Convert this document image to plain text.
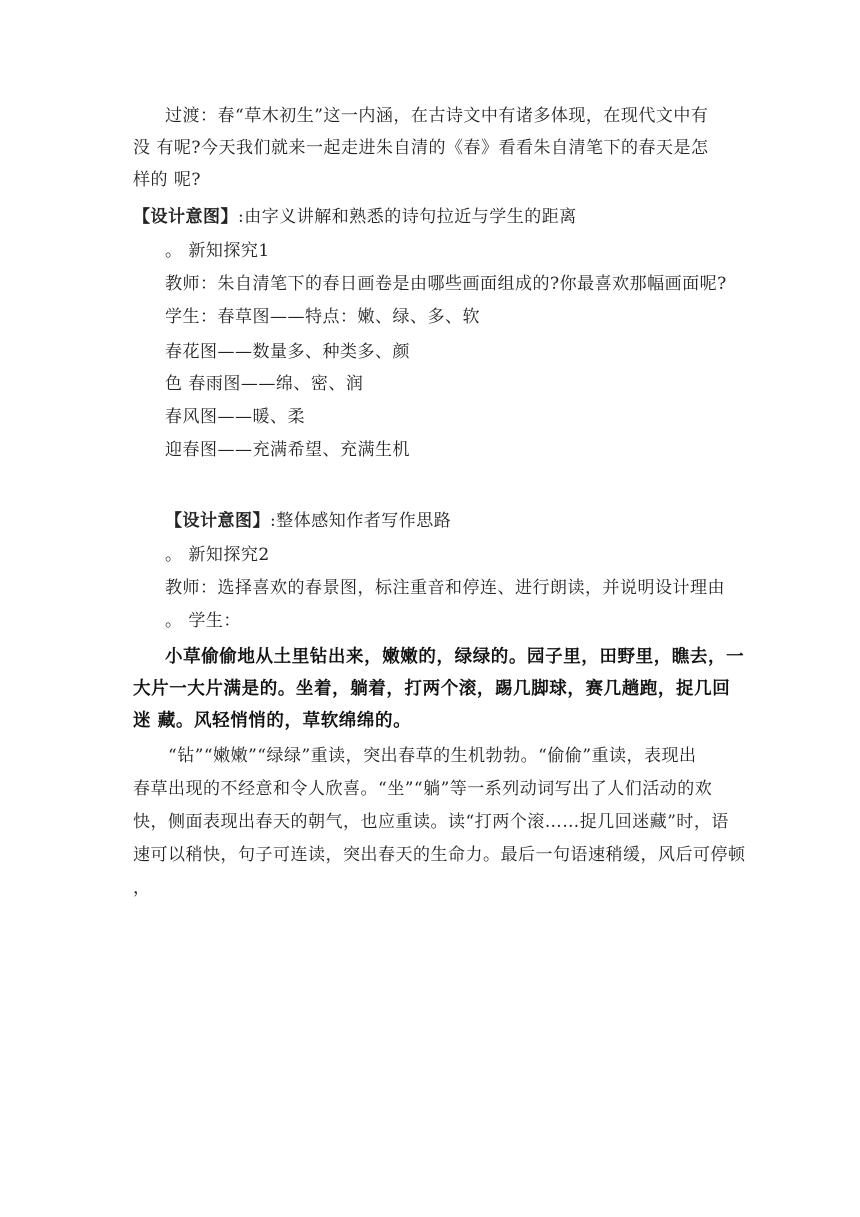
过渡：春“草木初生”这一内涵，在古诗文中有诸多体现，在现代文中有
没 有呢?今天我们就来一起走进朱自清的《春》看看朱自清笔下的春天是怎
样的 呢?
【设计意图】:由字义讲解和熟悉的诗句拉近与学生的距离
。 新知探究1
教师：朱自清笔下的春日画卷是由哪些画面组成的?你最喜欢那幅画面呢?
学生：春草图——特点：嫩、绿、多、软
春花图——数量多、种类多、颜
色 春雨图——绵、密、润
春风图——暖、柔
迎春图——充满希望、充满生机
【设计意图】:整体感知作者写作思路
。 新知探究2
教师：选择喜欢的春景图，标注重音和停连、进行朗读，并说明设计理由
。 学生：
小草偷偷地从土里钻出来，嫩嫩的，绿绿的。园子里，田野里，瞧去，一
大片一大片满是的。坐着，躺着，打两个滚，踢几脚球，赛几趟跑，捉几回
迷 藏。风轻悄悄的，草软绵绵的。
“钻”“嫩嫩”“绿绿”重读，突出春草的生机勃勃。“偷偷”重读，表现出
春草出现的不经意和令人欣喜。“坐”“躺”等一系列动词写出了人们活动的欢
快，侧面表现出春天的朝气，也应重读。读“打两个滚……捉几回迷藏”时，语
速可以稍快，句子可连读，突出春天的生命力。最后一句语速稍缓，风后可停顿
，
